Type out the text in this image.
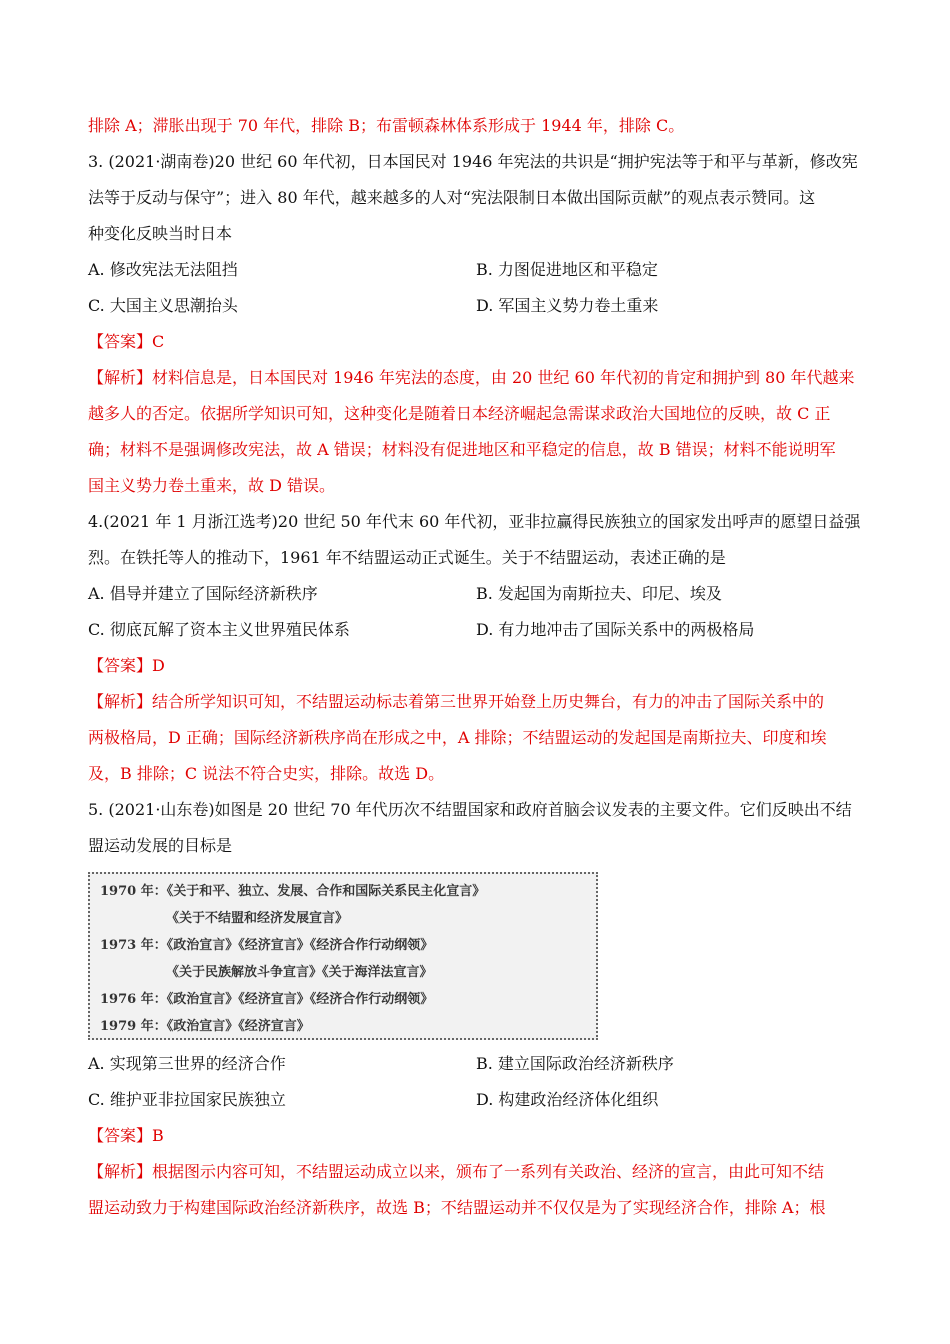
排除 A；滞胀出现于 70 年代，排除 B；布雷顿森林体系形成于 1944 年，排除 C。
3. (2021·湖南卷)20 世纪 60 年代初，日本国民对 1946 年宪法的共识是“拥护宪法等于和平与革新，修改宪
法等于反动与保守”；进入 80 年代，越来越多的人对“宪法限制日本做出国际贡献”的观点表示赞同。这
种变化反映当时日本
A. 修改宪法无法阻挡	B. 力图促进地区和平稳定
C. 大国主义思潮抬头	D. 军国主义势力卷土重来
【答案】C
【解析】材料信息是，日本国民对 1946 年宪法的态度，由 20 世纪 60 年代初的肯定和拥护到 80 年代越来
越多人的否定。依据所学知识可知，这种变化是随着日本经济崛起急需谋求政治大国地位的反映，故 C 正
确；材料不是强调修改宪法，故 A 错误；材料没有促进地区和平稳定的信息，故 B 错误；材料不能说明军
国主义势力卷土重来，故 D 错误。
4.(2021 年 1 月浙江选考)20 世纪 50 年代末 60 年代初，亚非拉赢得民族独立的国家发出呼声的愿望日益强
烈。在铁托等人的推动下，1961 年不结盟运动正式诞生。关于不结盟运动，表述正确的是
A. 倡导并建立了国际经济新秩序	B. 发起国为南斯拉夫、印尼、埃及
C. 彻底瓦解了资本主义世界殖民体系	D. 有力地冲击了国际关系中的两极格局
【答案】D
【解析】结合所学知识可知，不结盟运动标志着第三世界开始登上历史舞台，有力的冲击了国际关系中的
两极格局，D 正确；国际经济新秩序尚在形成之中，A 排除；不结盟运动的发起国是南斯拉夫、印度和埃
及，B 排除；C 说法不符合史实，排除。故选 D。
5. (2021·山东卷)如图是 20 世纪 70 年代历次不结盟国家和政府首脑会议发表的主要文件。它们反映出不结
盟运动发展的目标是
1970 年：《关于和平、独立、发展、合作和国际关系民主化宣言》
《关于不结盟和经济发展宣言》
1973 年：《政治宣言》《经济宣言》《经济合作行动纲领》
《关于民族解放斗争宣言》《关于海洋法宣言》
1976 年：《政治宣言》《经济宣言》《经济合作行动纲领》
1979 年：《政治宣言》《经济宣言》
A. 实现第三世界的经济合作	B. 建立国际政治经济新秩序
C. 维护亚非拉国家民族独立	D. 构建政治经济体化组织
【答案】B
【解析】根据图示内容可知，不结盟运动成立以来，颁布了一系列有关政治、经济的宣言，由此可知不结
盟运动致力于构建国际政治经济新秩序，故选 B；不结盟运动并不仅仅是为了实现经济合作，排除 A；根
